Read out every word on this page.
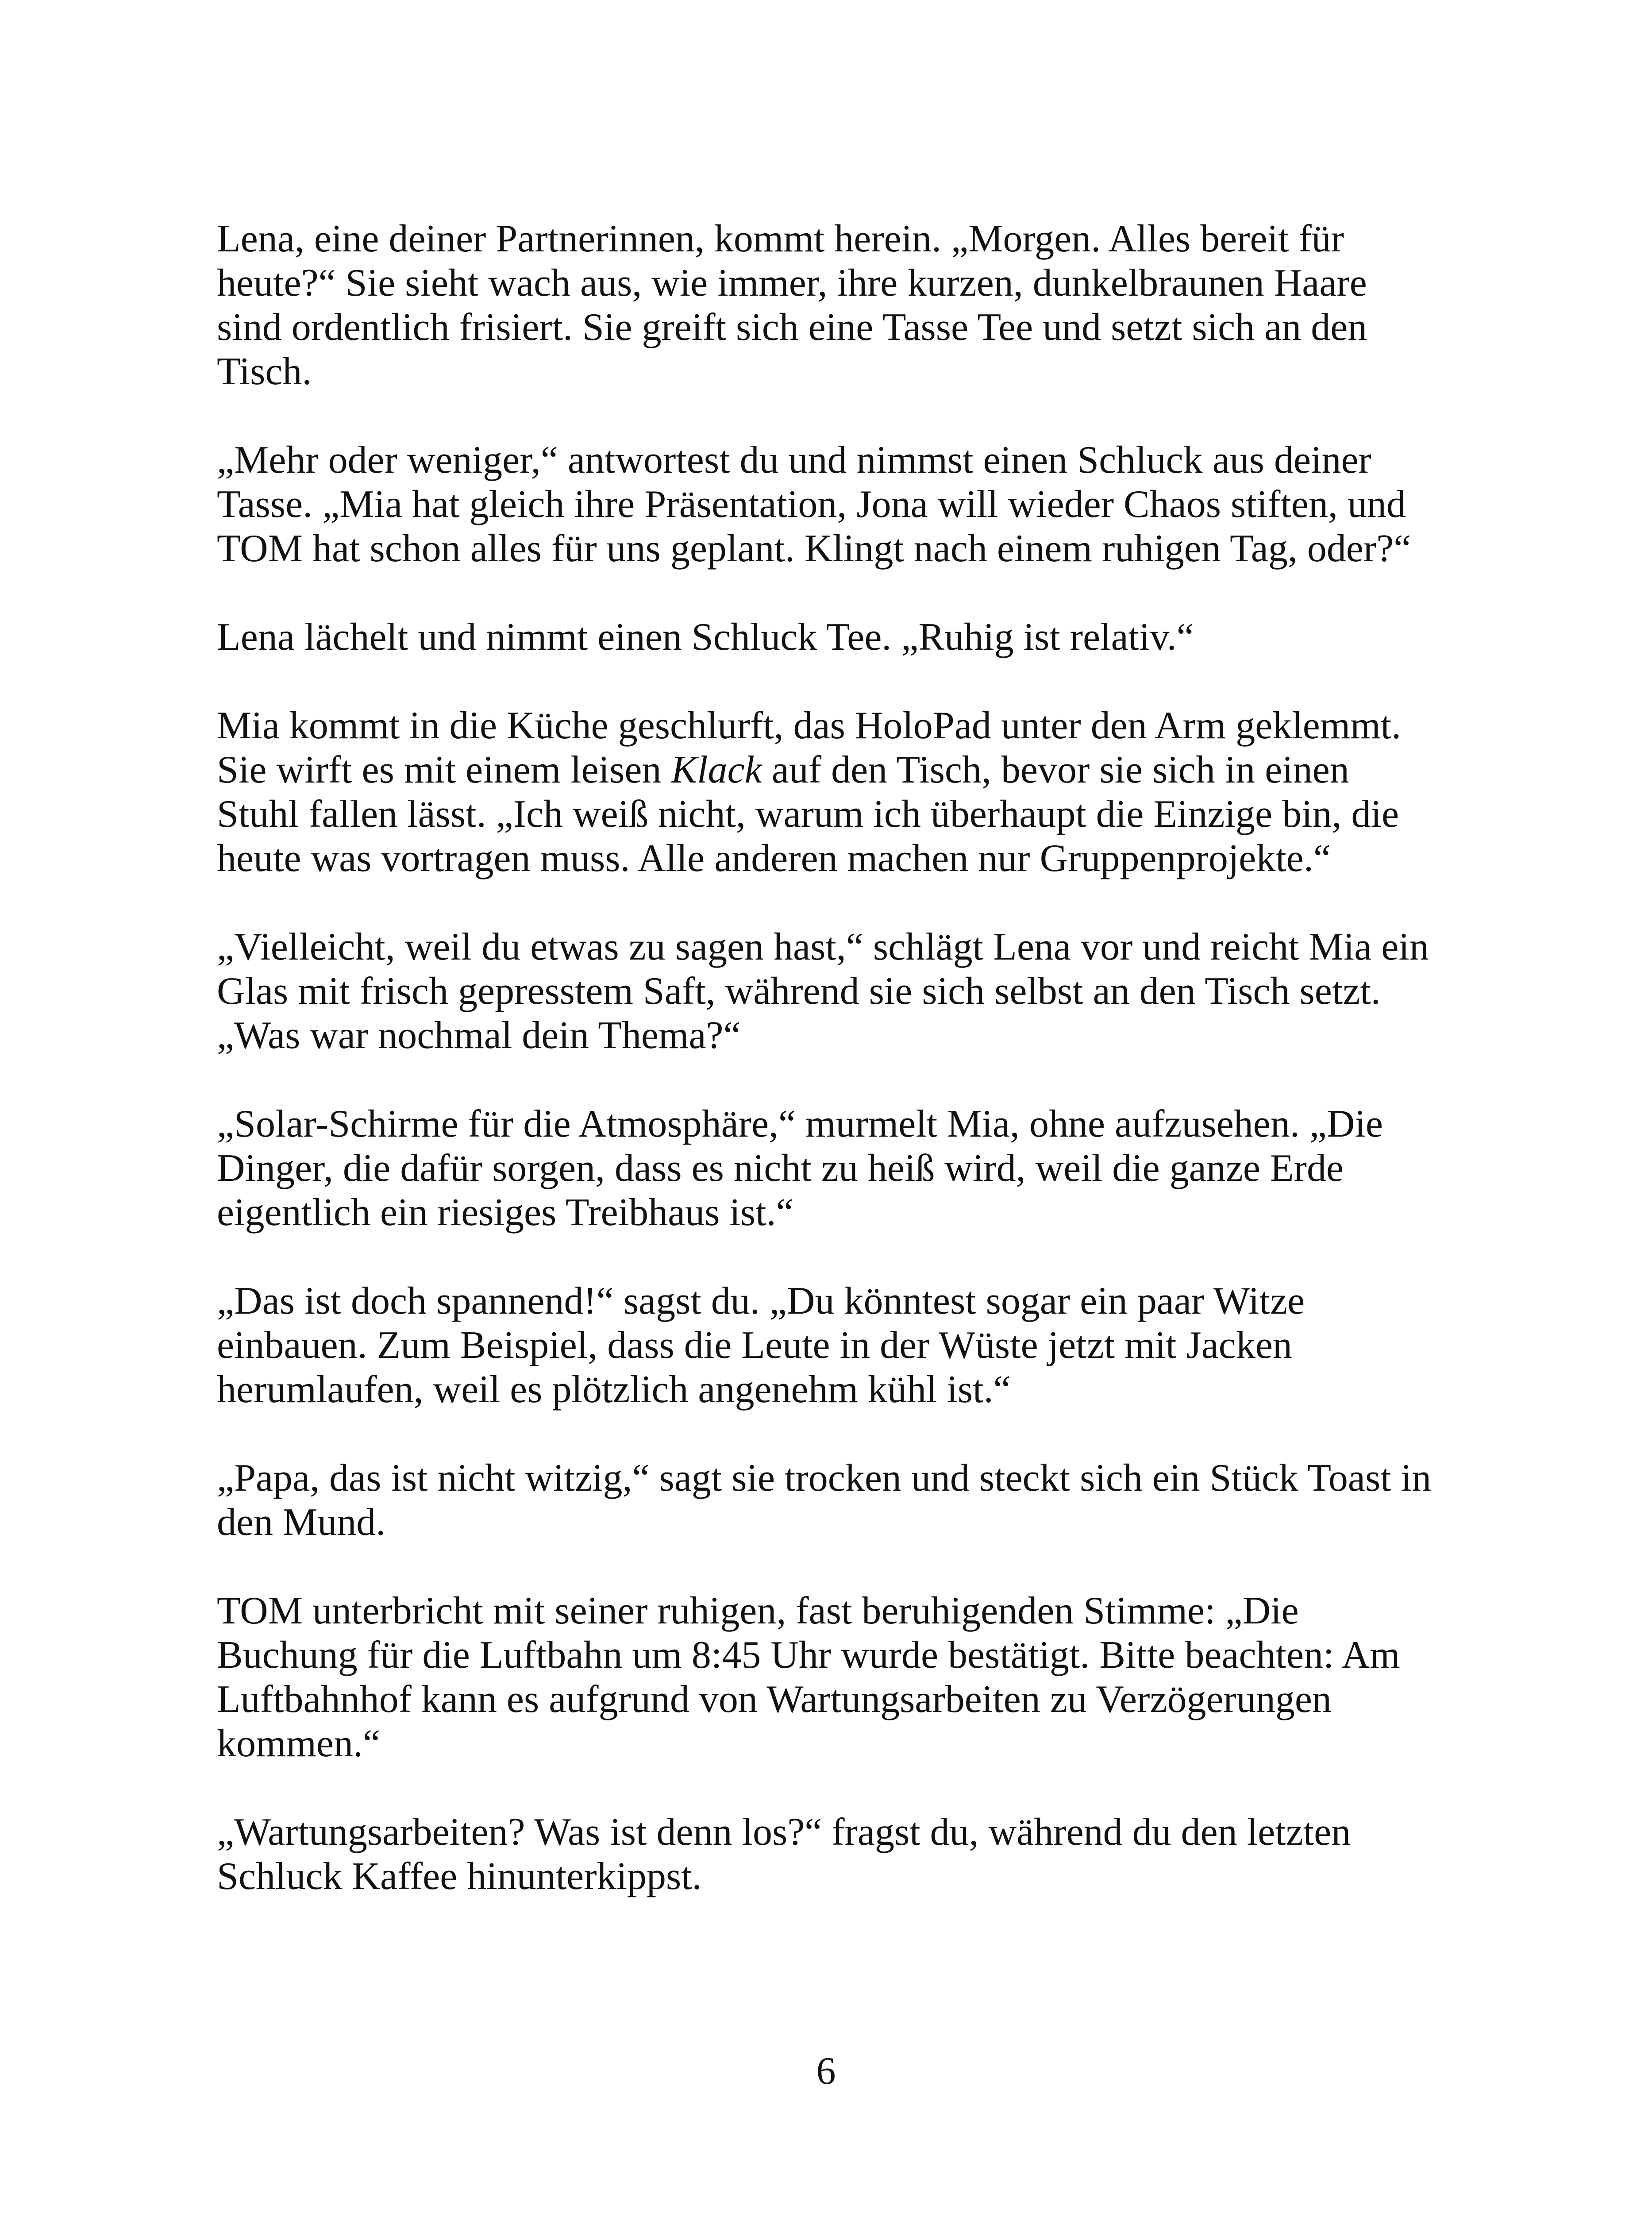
Lena, eine deiner Partnerinnen, kommt herein. „Morgen. Alles bereit für heute?“ Sie sieht wach aus, wie immer, ihre kurzen, dunkelbraunen Haare sind ordentlich frisiert. Sie greift sich eine Tasse Tee und setzt sich an den Tisch.

„Mehr oder weniger,“ antwortest du und nimmst einen Schluck aus deiner Tasse. „Mia hat gleich ihre Präsentation, Jona will wieder Chaos stiften, und TOM hat schon alles für uns geplant. Klingt nach einem ruhigen Tag, oder?“

Lena lächelt und nimmt einen Schluck Tee. „Ruhig ist relativ.“

Mia kommt in die Küche geschlurft, das HoloPad unter den Arm geklemmt. Sie wirft es mit einem leisen Klack auf den Tisch, bevor sie sich in einen Stuhl fallen lässt. „Ich weiß nicht, warum ich überhaupt die Einzige bin, die heute was vortragen muss. Alle anderen machen nur Gruppenprojekte.“

„Vielleicht, weil du etwas zu sagen hast,“ schlägt Lena vor und reicht Mia ein Glas mit frisch gepresstem Saft, während sie sich selbst an den Tisch setzt. „Was war nochmal dein Thema?“

„Solar-Schirme für die Atmosphäre,“ murmelt Mia, ohne aufzusehen. „Die Dinger, die dafür sorgen, dass es nicht zu heiß wird, weil die ganze Erde eigentlich ein riesiges Treibhaus ist.“

„Das ist doch spannend!“ sagst du. „Du könntest sogar ein paar Witze einbauen. Zum Beispiel, dass die Leute in der Wüste jetzt mit Jacken herumlaufen, weil es plötzlich angenehm kühl ist.“

„Papa, das ist nicht witzig,“ sagt sie trocken und steckt sich ein Stück Toast in den Mund.

TOM unterbricht mit seiner ruhigen, fast beruhigenden Stimme: „Die Buchung für die Luftbahn um 8:45 Uhr wurde bestätigt. Bitte beachten: Am Luftbahnhof kann es aufgrund von Wartungsarbeiten zu Verzögerungen kommen.“

„Wartungsarbeiten? Was ist denn los?“ fragst du, während du den letzten Schluck Kaffee hinunterkippst.

6
